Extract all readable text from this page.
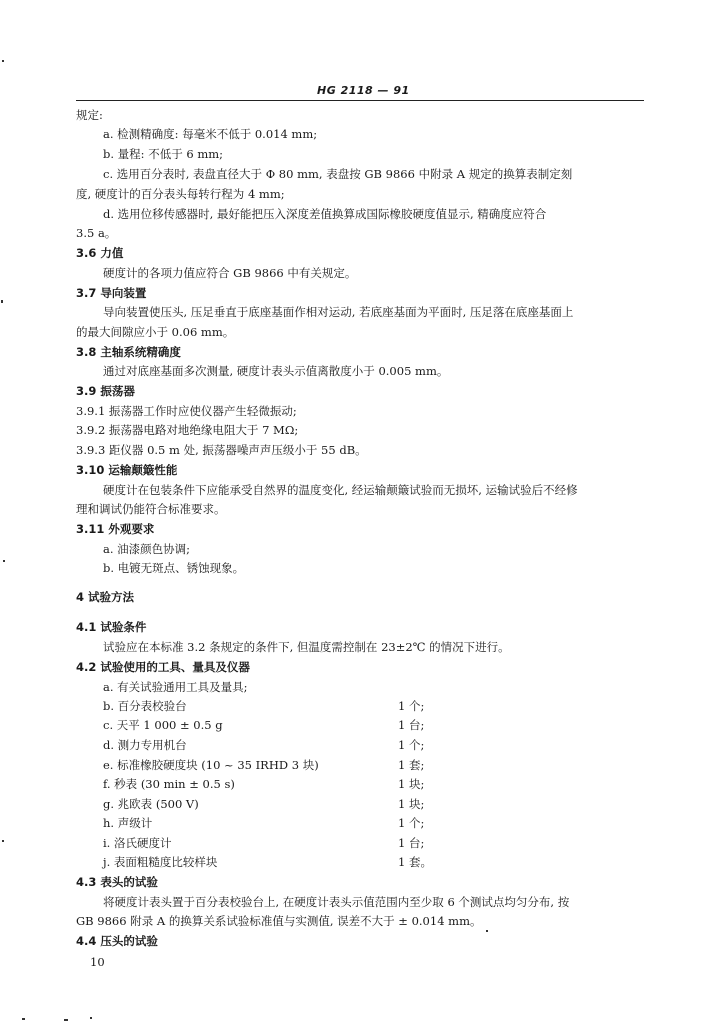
HG 2118 — 91
规定:
a. 检测精确度: 每毫米不低于 0.014 mm;
b. 量程: 不低于 6 mm;
c. 选用百分表时, 表盘直径大于 Φ 80 mm, 表盘按 GB 9866 中附录 A 规定的换算表制定刻
度, 硬度计的百分表头每转行程为 4 mm;
d. 选用位移传感器时, 最好能把压入深度差值换算成国际橡胶硬度值显示, 精确度应符合
3.5 a。
3.6 力值
硬度计的各项力值应符合 GB 9866 中有关规定。
3.7 导向装置
导向装置使压头, 压足垂直于底座基面作相对运动, 若底座基面为平面时, 压足落在底座基面上
的最大间隙应小于 0.06 mm。
3.8 主轴系统精确度
通过对底座基面多次测量, 硬度计表头示值离散度小于 0.005 mm。
3.9 振荡器
3.9.1 振荡器工作时应使仪器产生轻微振动;
3.9.2 振荡器电路对地绝缘电阻大于 7 MΩ;
3.9.3 距仪器 0.5 m 处, 振荡器噪声声压级小于 55 dB。
3.10 运输颠簸性能
硬度计在包装条件下应能承受自然界的温度变化, 经运输颠簸试验而无损坏, 运输试验后不经修
理和调试仍能符合标准要求。
3.11 外观要求
a. 油漆颜色协调;
b. 电镀无斑点、锈蚀现象。
4 试验方法
4.1 试验条件
试验应在本标准 3.2 条规定的条件下, 但温度需控制在 23±2℃ 的情况下进行。
4.2 试验使用的工具、量具及仪器
a. 有关试验通用工具及量具;
b. 百分表校验台	1 个;
c. 天平 1 000 ± 0.5 g	1 台;
d. 测力专用机台	1 个;
e. 标准橡胶硬度块 (10 ~ 35 IRHD 3 块)	1 套;
f. 秒表 (30 min ± 0.5 s)	1 块;
g. 兆欧表 (500 V)	1 块;
h. 声级计	1 个;
i. 洛氏硬度计	1 台;
j. 表面粗糙度比较样块	1 套。
4.3 表头的试验
将硬度计表头置于百分表校验台上, 在硬度计表头示值范围内至少取 6 个测试点均匀分布, 按
GB 9866 附录 A 的换算关系试验标准值与实测值, 误差不大于 ± 0.014 mm。
4.4 压头的试验
10
